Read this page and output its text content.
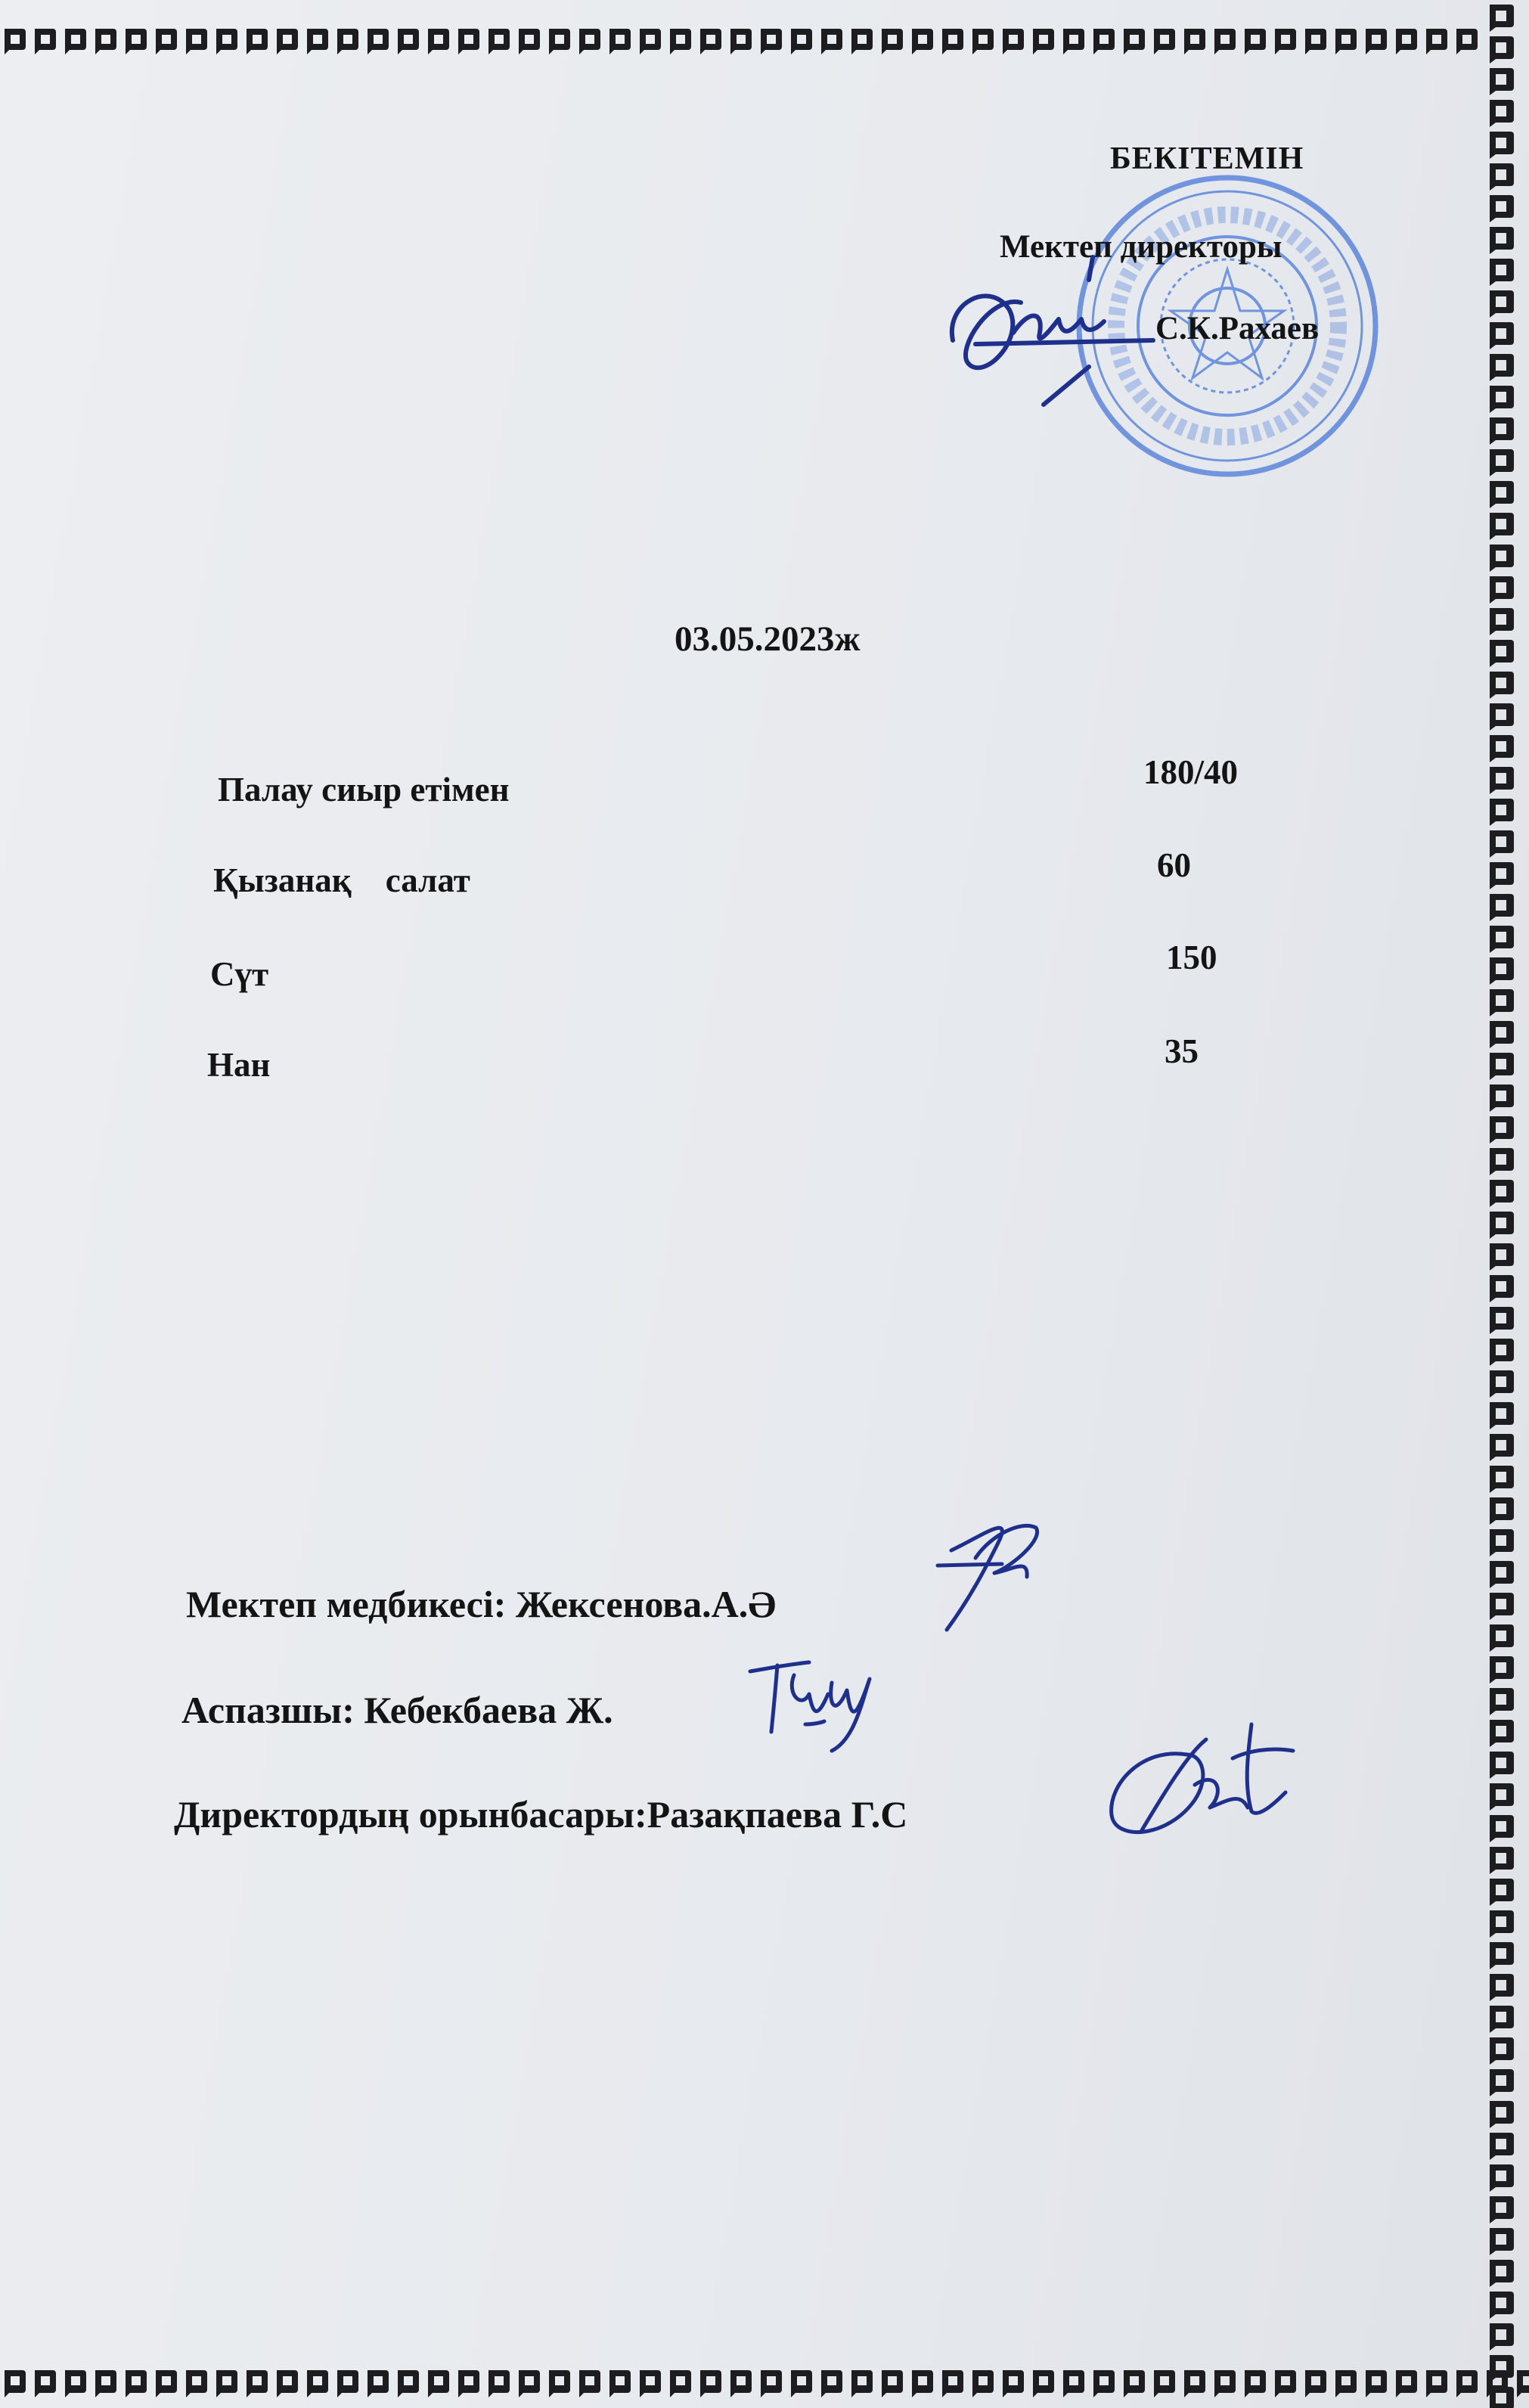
БЕКІТЕМІН

Мектеп директоры

С.К.Рахаев

03.05.2023ж

Палау сиыр етімен	180/40

Қызанақ    салат	60

Сүт	150

Нан	35

Мектеп медбикесі: Жексенова.А.Ә

Аспазшы: Кебекбаева Ж.

Директордың орынбасары:Разақпаева Г.С
